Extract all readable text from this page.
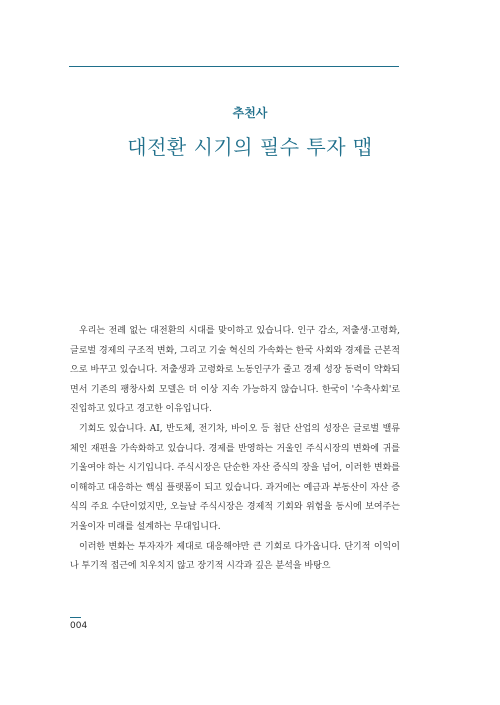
추천사
대전환 시기의 필수 투자 맵

우리는 전례 없는 대전환의 시대를 맞이하고 있습니다. 인구 감소, 저출생·고령화, 글로벌 경제의 구조적 변화, 그리고 기술 혁신의 가속화는 한국 사회와 경제를 근본적으로 바꾸고 있습니다. 저출생과 고령화로 노동인구가 줄고 경제 성장 동력이 약화되면서 기존의 팽창사회 모델은 더 이상 지속 가능하지 않습니다. 한국이 '수축사회'로 진입하고 있다고 경고한 이유입니다.

기회도 있습니다. AI, 반도체, 전기차, 바이오 등 첨단 산업의 성장은 글로벌 밸류체인 재편을 가속화하고 있습니다. 경제를 반영하는 거울인 주식시장의 변화에 귀를 기울여야 하는 시기입니다. 주식시장은 단순한 자산 증식의 장을 넘어, 이러한 변화를 이해하고 대응하는 핵심 플랫폼이 되고 있습니다. 과거에는 예금과 부동산이 자산 증식의 주요 수단이었지만, 오늘날 주식시장은 경제적 기회와 위험을 동시에 보여주는 거울이자 미래를 설계하는 무대입니다.

이러한 변화는 투자자가 제대로 대응해야만 큰 기회로 다가옵니다. 단기적 이익이나 투기적 접근에 치우치지 않고 장기적 시각과 깊은 분석을 바탕으

004
